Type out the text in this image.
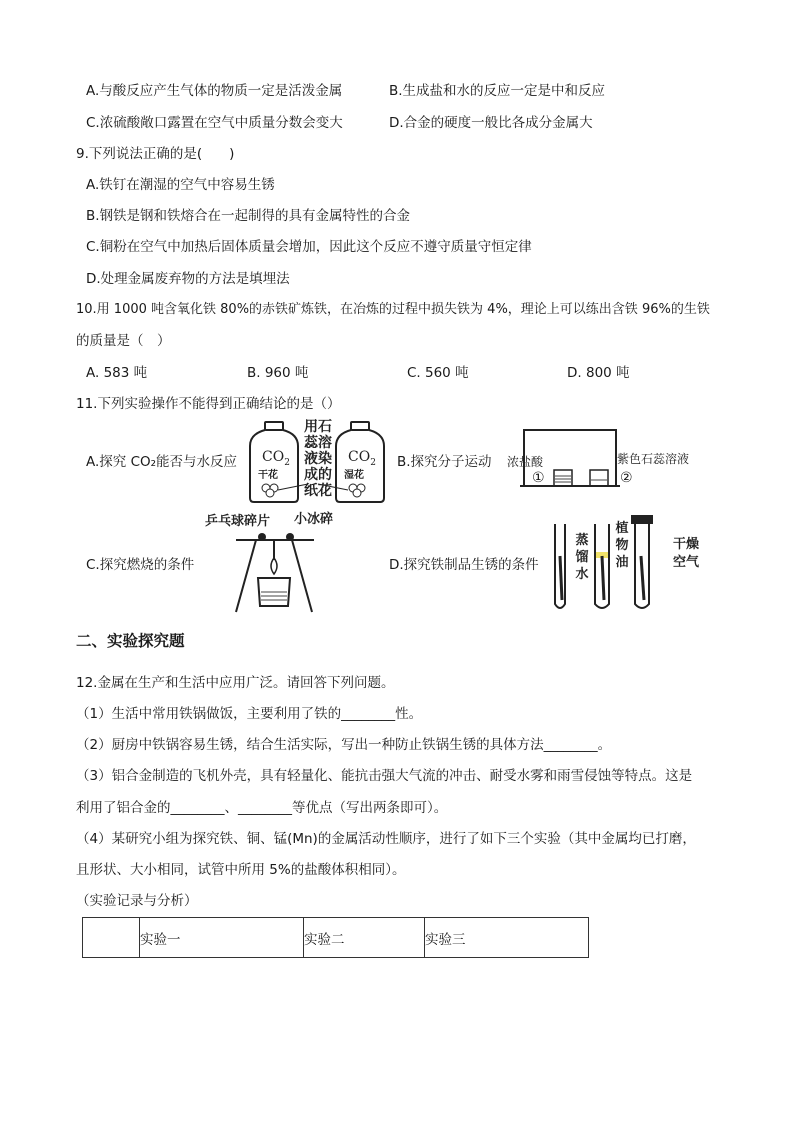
A.与酸反应产生气体的物质一定是活泼金属	B.生成盐和水的反应一定是中和反应
C.浓硫酸敞口露置在空气中质量分数会变大	D.合金的硬度一般比各成分金属大
9.下列说法正确的是(　　)
A.铁钉在潮湿的空气中容易生锈
B.钢铁是钢和铁熔合在一起制得的具有金属特性的合金
C.铜粉在空气中加热后固体质量会增加，因此这个反应不遵守质量守恒定律
D.处理金属废弃物的方法是填埋法
10.用 1000 吨含氧化铁 80%的赤铁矿炼铁，在冶炼的过程中损失铁为 4%，理论上可以练出含铁 96%的生铁
的质量是（　）
A. 583 吨	B. 960 吨	C. 560 吨	D. 800 吨
11.下列实验操作不能得到正确结论的是（）
A.探究 CO₂能否与水反应	B.探究分子运动
C.探究燃烧的条件	D.探究铁制品生锈的条件
$CO_2$
干花
$CO_2$
湿花
用石
蕊溶
液染
成的
纸花
浓盐酸	紫色石蕊溶液
①	②
乒乓球碎片 小冰碎
蒸
馏
水
植
物
油
干燥
空气
二、实验探究题
12.金属在生产和生活中应用广泛。请回答下列问题。
（1）生活中常用铁锅做饭，主要利用了铁的________性。
（2）厨房中铁锅容易生锈，结合生活实际，写出一种防止铁锅生锈的具体方法________。
（3）铝合金制造的飞机外壳，具有轻量化、能抗击强大气流的冲击、耐受水雾和雨雪侵蚀等特点。这是
利用了铝合金的________、________等优点（写出两条即可）。
（4）某研究小组为探究铁、铜、锰(Mn)的金属活动性顺序，进行了如下三个实验（其中金属均已打磨，
且形状、大小相同，试管中所用 5%的盐酸体积相同）。
（实验记录与分析）
	实验一	实验二	实验三
